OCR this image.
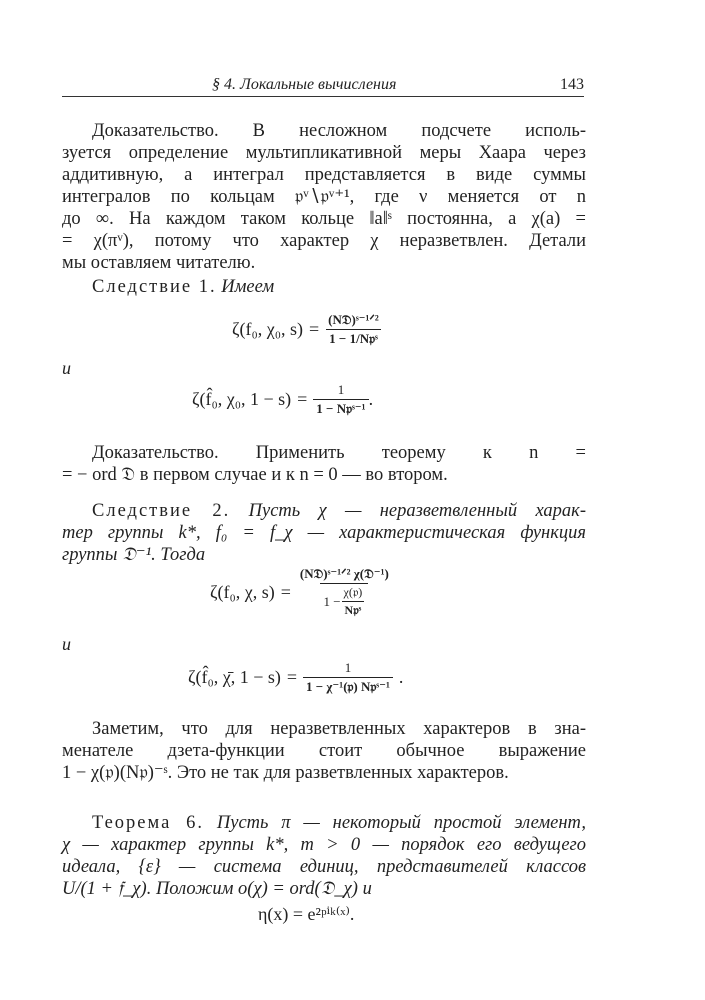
§ 4. Локальные вычисления	143
Доказательство. В несложном подсчете исполь-
зуется определение мультипликативной меры Хаара через
аддитивную, а интеграл представляется в виде суммы
интегралов по кольцам 𝔭ᵛ∖𝔭ᵛ⁺¹, где ν меняется от n
до ∞. На каждом таком кольце ‖a‖ˢ постоянна, a χ(a) =
= χ(πᵛ), потому что характер χ неразветвлен. Детали
мы оставляем читателю.
Следствие 1. Имеем
ζ(f₀, χ₀, $s) = \frac{\text{(N𝔇)ˢ⁻¹ᐟ²}}{\text{1 − 1/N𝔭ˢ}}$
и
ζ(f̂₀, χ₀, $1 - s) = \frac{1}{\text{1 − N𝔭ˢ⁻¹}}$ .
Доказательство. Применить теорему к n =
= − ord 𝔇 в первом случае и к n = 0 — во втором.
Следствие 2. Пусть χ — неразветвленный харак-
тер группы k*, f₀ = f_χ — характеристическая функция
группы 𝔇⁻¹. Тогда
ζ(f₀, χ, $s) = \frac{\text{(N𝔇)ˢ⁻¹ᐟ² χ(𝔇⁻¹)}}{1 - \frac{\text{χ(𝔭)}}{\text{N𝔭ˢ}}}$
и
ζ(f̂₀, χ̄, $1 - s) = \frac{1}{\text{1 − χ⁻¹(𝔭) N𝔭ˢ⁻¹}}$ .
Заметим, что для неразветвленных характеров в зна-
менателе дзета-функции стоит обычное выражение
1 − χ(𝔭)(N𝔭)⁻ˢ. Это не так для разветвленных характеров.
Теорема 6. Пусть π — некоторый простой элемент,
χ — характер группы k*, m > 0 — порядок его ведущего
идеала, {ε} — система единиц, представителей классов
U/(1 + 𝔣_χ). Положим o(χ) = ord(𝔇_χ) и
η(x) = e²ᵖⁱᵏ⁽ˣ⁾.
